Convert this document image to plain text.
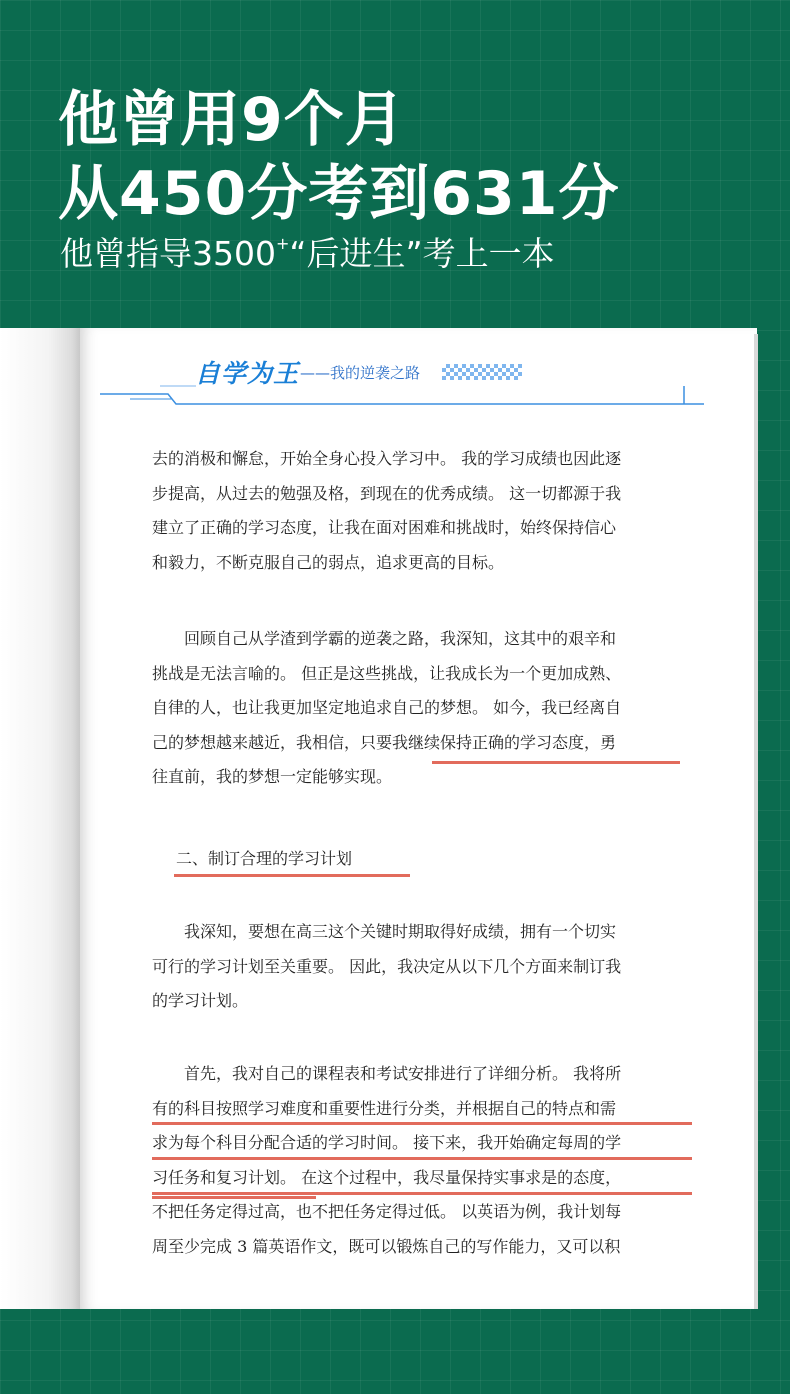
他曾用9个月
从450分考到631分
他曾指导3500+“后进生”考上一本
自学为王 ——我的逆袭之路

去的消极和懈怠，开始全身心投入学习中。 我的学习成绩也因此逐

步提高，从过去的勉强及格，到现在的优秀成绩。 这一切都源于我

建立了正确的学习态度，让我在面对困难和挑战时，始终保持信心

和毅力，不断克服自己的弱点，追求更高的目标。

　　回顾自己从学渣到学霸的逆袭之路，我深知，这其中的艰辛和

挑战是无法言喻的。 但正是这些挑战，让我成长为一个更加成熟、

自律的人，也让我更加坚定地追求自己的梦想。 如今，我已经离自

己的梦想越来越近，我相信，只要我继续保持正确的学习态度，勇

往直前，我的梦想一定能够实现。

二、制订合理的学习计划

　　我深知，要想在高三这个关键时期取得好成绩，拥有一个切实

可行的学习计划至关重要。 因此，我决定从以下几个方面来制订我

的学习计划。

　　首先，我对自己的课程表和考试安排进行了详细分析。 我将所

有的科目按照学习难度和重要性进行分类，并根据自己的特点和需

求为每个科目分配合适的学习时间。 接下来，我开始确定每周的学

习任务和复习计划。 在这个过程中，我尽量保持实事求是的态度，

不把任务定得过高，也不把任务定得过低。 以英语为例，我计划每

周至少完成 3 篇英语作文，既可以锻炼自己的写作能力，又可以积
